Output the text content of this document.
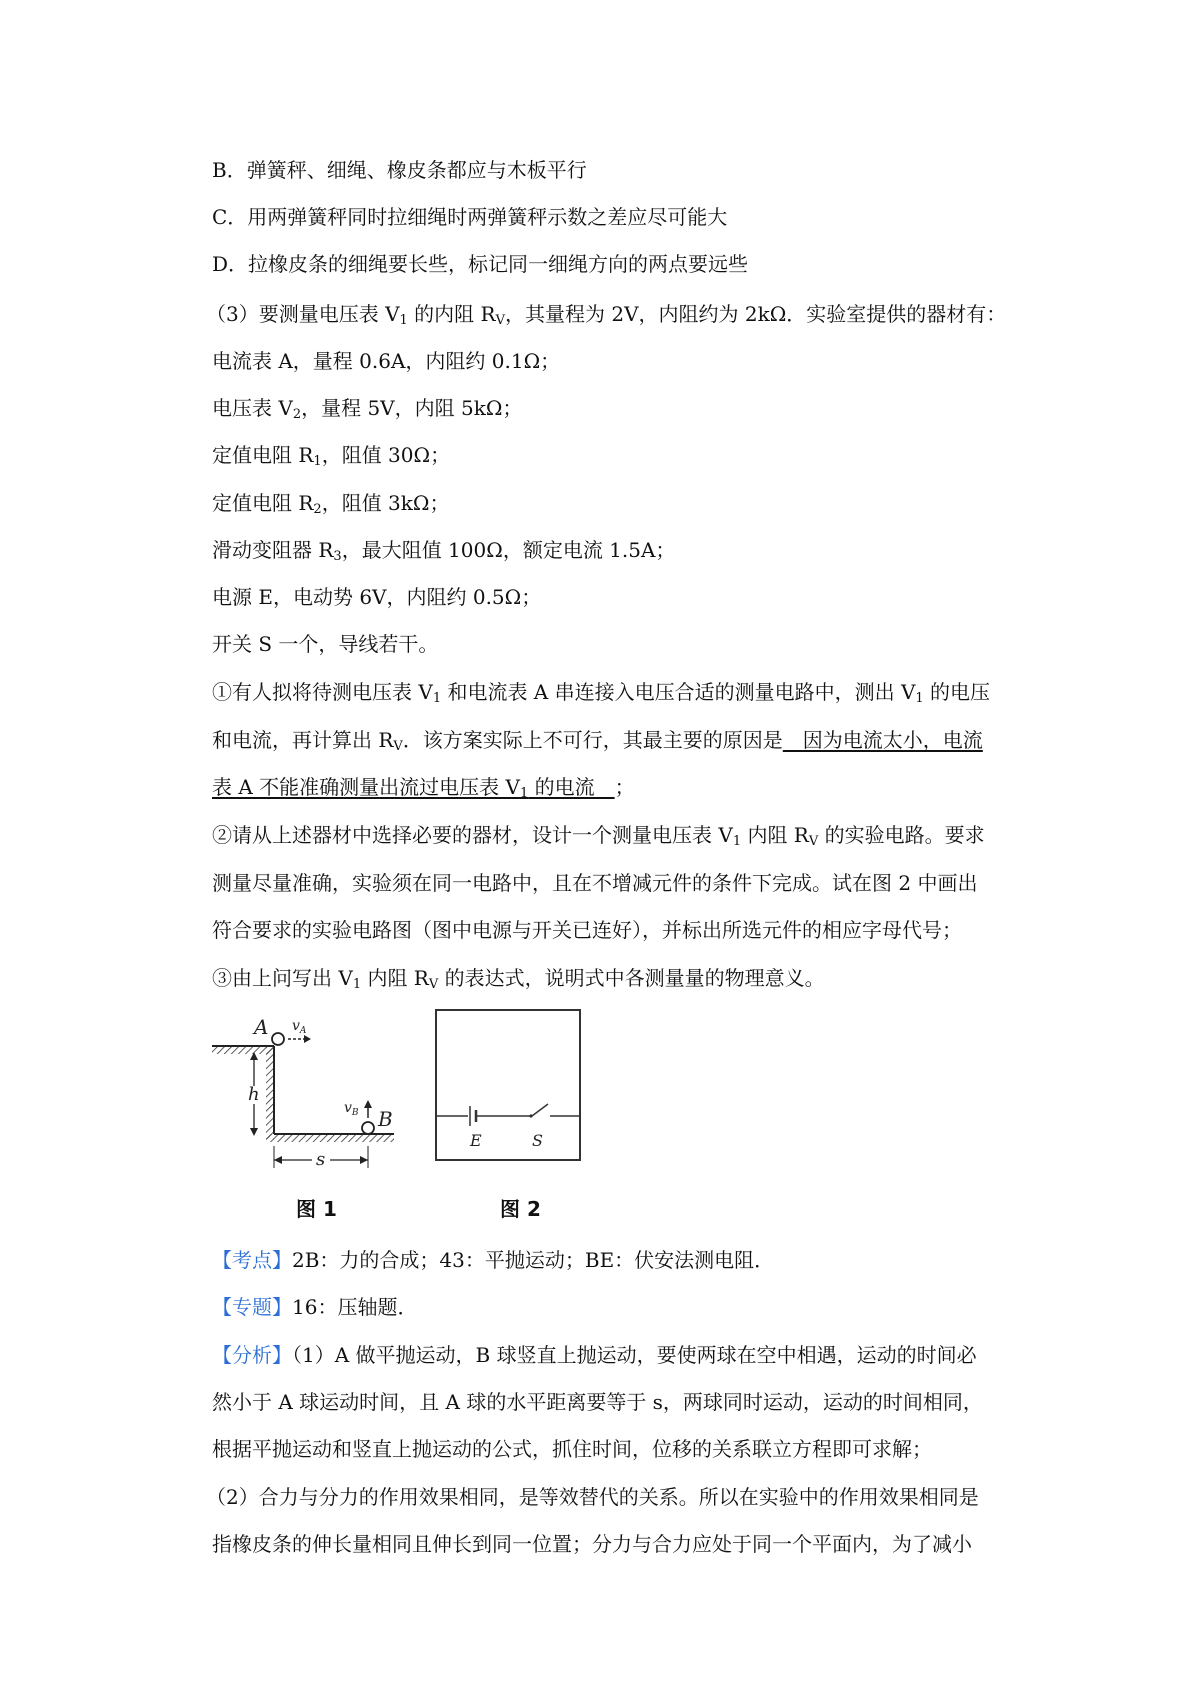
B．弹簧秤、细绳、橡皮条都应与木板平行
C．用两弹簧秤同时拉细绳时两弹簧秤示数之差应尽可能大
D．拉橡皮条的细绳要长些，标记同一细绳方向的两点要远些
（3）要测量电压表 $V_1$ 的内阻 $R_V$，其量程为 2V，内阻约为 2kΩ．实验室提供的器材有：
电流表 A，量程 0.6A，内阻约 0.1Ω；
电压表 $V_2$，量程 5V，内阻 5kΩ；
定值电阻 $R_1$，阻值 30Ω；
定值电阻 $R_2$，阻值 3kΩ；
滑动变阻器 $R_3$，最大阻值 100Ω，额定电流 1.5A；
电源 E，电动势 6V，内阻约 0.5Ω；
开关 S 一个，导线若干。
①有人拟将待测电压表 $V_1$ 和电流表 A 串连接入电压合适的测量电路中，测出 $V_1$ 的电压
和电流，再计算出 $R_V$．该方案实际上不可行，其最主要的原因是　因为电流太小，电流
表 A 不能准确测量出流过电压表 $V_1$ 的电流　；
②请从上述器材中选择必要的器材，设计一个测量电压表 $V_1$ 内阻 $R_V$ 的实验电路。要求
测量尽量准确，实验须在同一电路中，且在不增减元件的条件下完成。试在图 2 中画出
符合要求的实验电路图（图中电源与开关已连好），并标出所选元件的相应字母代号；
③由上问写出 $V_1$ 内阻 $R_V$ 的表达式，说明式中各测量量的物理意义。
A $v_A$
h
B
$v_B$
s
图 1
E	S
图 2
【考点】2B：力的合成；43：平抛运动；BE：伏安法测电阻．
【专题】16：压轴题．
【分析】（1）A 做平抛运动，B 球竖直上抛运动，要使两球在空中相遇，运动的时间必
然小于 A 球运动时间，且 A 球的水平距离要等于 s，两球同时运动，运动的时间相同，
根据平抛运动和竖直上抛运动的公式，抓住时间，位移的关系联立方程即可求解；
（2）合力与分力的作用效果相同，是等效替代的关系。所以在实验中的作用效果相同是
指橡皮条的伸长量相同且伸长到同一位置；分力与合力应处于同一个平面内，为了减小
